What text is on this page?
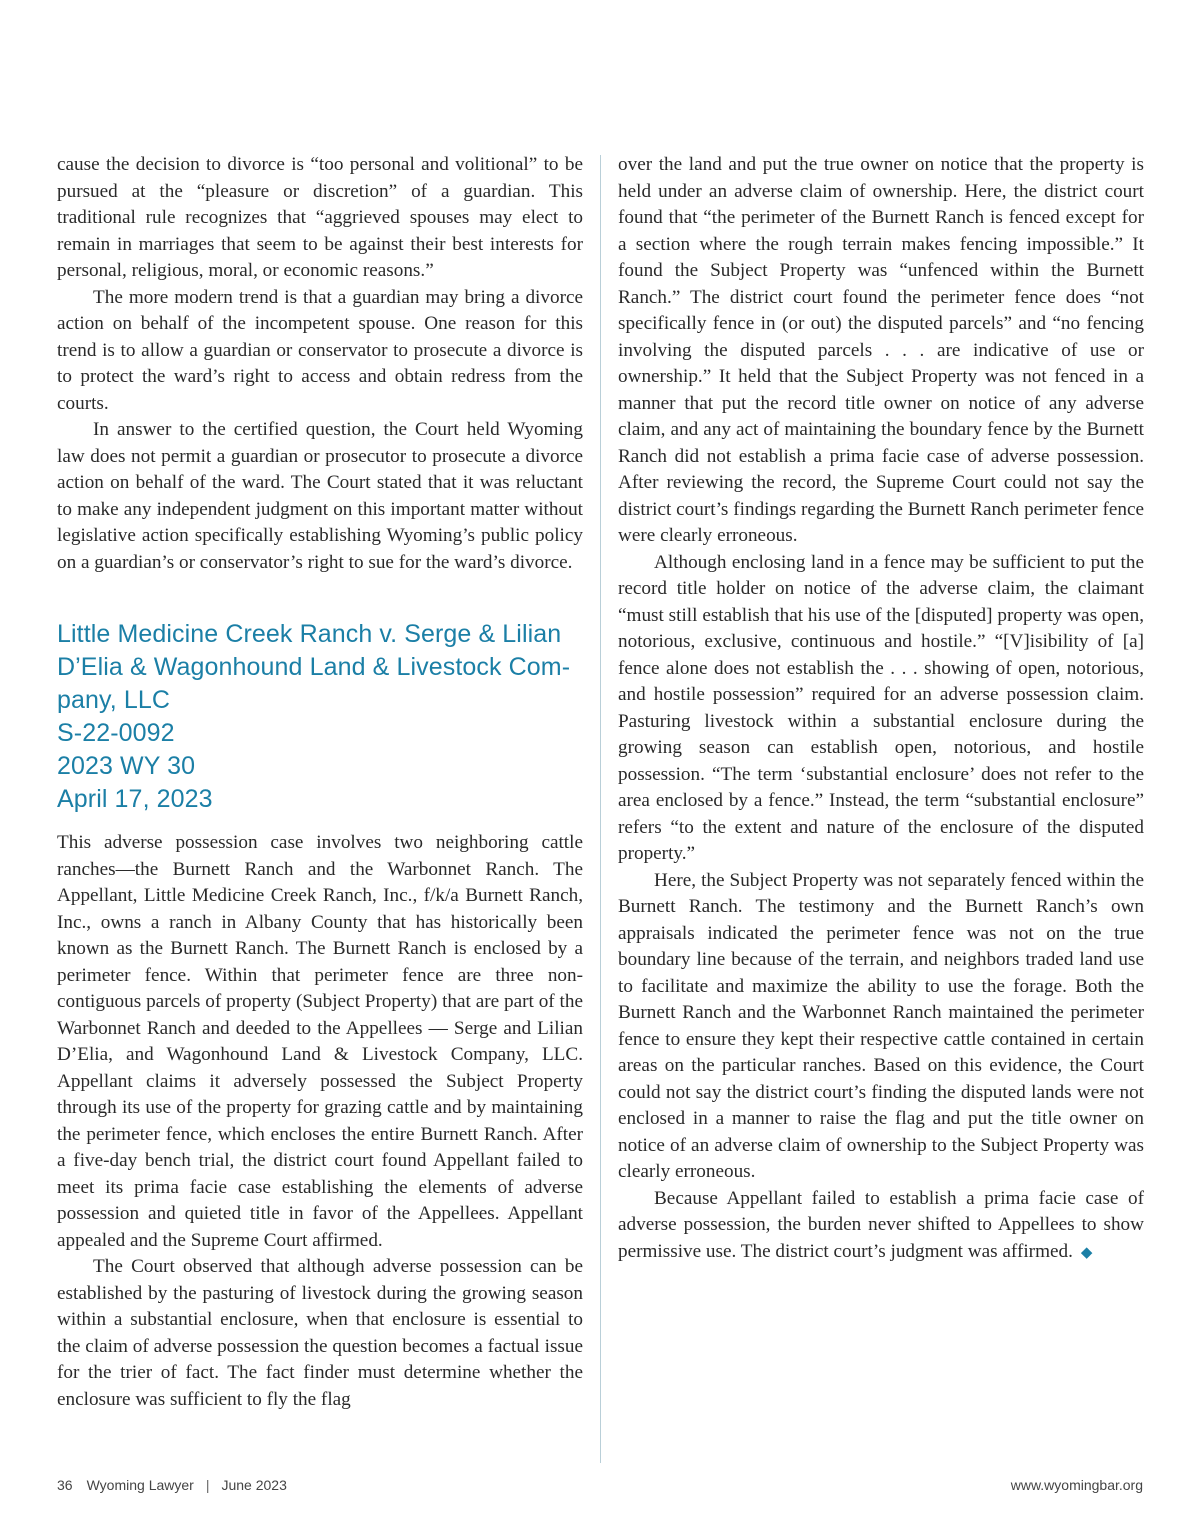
cause the decision to divorce is “too personal and volitional” to be pursued at the “pleasure or discretion” of a guardian. This traditional rule recognizes that “aggrieved spouses may elect to remain in marriages that seem to be against their best interests for personal, religious, moral, or economic reasons.”

The more modern trend is that a guardian may bring a divorce action on behalf of the incompetent spouse. One reason for this trend is to allow a guardian or conservator to prosecute a divorce is to protect the ward’s right to access and obtain redress from the courts.

In answer to the certified question, the Court held Wyoming law does not permit a guardian or prosecutor to prosecute a divorce action on behalf of the ward. The Court stated that it was reluctant to make any independent judgment on this important matter without legislative action specifically establishing Wyoming’s public policy on a guardian’s or conservator’s right to sue for the ward’s divorce.

Little Medicine Creek Ranch v. Serge & Lilian D’Elia & Wagonhound Land & Livestock Company, LLC
S-22-0092
2023 WY 30
April 17, 2023

This adverse possession case involves two neighboring cattle ranches—the Burnett Ranch and the Warbonnet Ranch. The Appellant, Little Medicine Creek Ranch, Inc., f/k/a Burnett Ranch, Inc., owns a ranch in Albany County that has historically been known as the Burnett Ranch. The Burnett Ranch is enclosed by a perimeter fence. Within that perimeter fence are three non-contiguous parcels of property (Subject Property) that are part of the Warbonnet Ranch and deeded to the Appellees — Serge and Lilian D’Elia, and Wagonhound Land & Livestock Company, LLC. Appellant claims it adversely possessed the Subject Property through its use of the property for grazing cattle and by maintaining the perimeter fence, which encloses the entire Burnett Ranch. After a five-day bench trial, the district court found Appellant failed to meet its prima facie case establishing the elements of adverse possession and quieted title in favor of the Appellees. Appellant appealed and the Supreme Court affirmed.

The Court observed that although adverse possession can be established by the pasturing of livestock during the growing season within a substantial enclosure, when that enclosure is essential to the claim of adverse possession the question becomes a factual issue for the trier of fact. The fact finder must determine whether the enclosure was sufficient to fly the flag

over the land and put the true owner on notice that the property is held under an adverse claim of ownership. Here, the district court found that “the perimeter of the Burnett Ranch is fenced except for a section where the rough terrain makes fencing impossible.” It found the Subject Property was “unfenced within the Burnett Ranch.” The district court found the perimeter fence does “not specifically fence in (or out) the disputed parcels” and “no fencing involving the disputed parcels . . . are indicative of use or ownership.” It held that the Subject Property was not fenced in a manner that put the record title owner on notice of any adverse claim, and any act of maintaining the boundary fence by the Burnett Ranch did not establish a prima facie case of adverse possession. After reviewing the record, the Supreme Court could not say the district court’s findings regarding the Burnett Ranch perimeter fence were clearly erroneous.

Although enclosing land in a fence may be sufficient to put the record title holder on notice of the adverse claim, the claimant “must still establish that his use of the [disputed] property was open, notorious, exclusive, continuous and hostile.” “[V]isibility of [a] fence alone does not establish the . . . showing of open, notorious, and hostile possession” required for an adverse possession claim. Pasturing livestock within a substantial enclosure during the growing season can establish open, notorious, and hostile possession. “The term ‘substantial enclosure’ does not refer to the area enclosed by a fence.” Instead, the term “substantial enclosure” refers “to the extent and nature of the enclosure of the disputed property.”

Here, the Subject Property was not separately fenced within the Burnett Ranch. The testimony and the Burnett Ranch’s own appraisals indicated the perimeter fence was not on the true boundary line because of the terrain, and neighbors traded land use to facilitate and maximize the ability to use the forage. Both the Burnett Ranch and the Warbonnet Ranch maintained the perimeter fence to ensure they kept their respective cattle contained in certain areas on the particular ranches. Based on this evidence, the Court could not say the district court’s finding the disputed lands were not enclosed in a manner to raise the flag and put the title owner on notice of an adverse claim of ownership to the Subject Property was clearly erroneous.

Because Appellant failed to establish a prima facie case of adverse possession, the burden never shifted to Appellees to show permissive use. The district court’s judgment was affirmed. ◆

36 Wyoming Lawyer | June 2023	www.wyomingbar.org
